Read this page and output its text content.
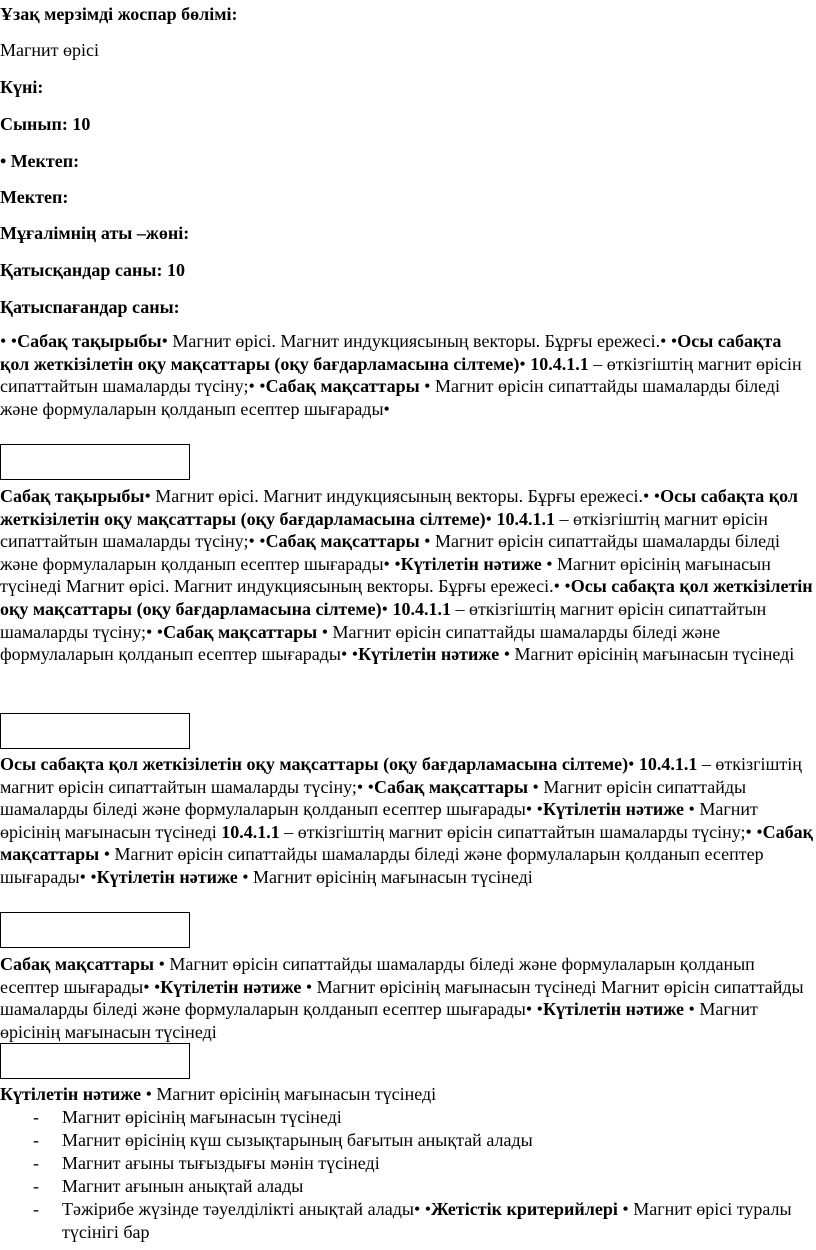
Ұзақ мерзімді жоспар бөлімі:
Магнит өрісі
Күні:
Сынып: 10
• Мектеп:
Мектеп:
Мұғалімнің аты –жөні:
Қатысқандар саны: 10
Қатыспағандар саны:
• •Сабақ тақырыбы• Магнит өрісі. Магнит индукциясының векторы. Бұрғы ережесі.• •Осы сабақта қол жеткізілетін оқу мақсаттары (оқу бағдарламасына сілтеме)• 10.4.1.1 – өткізгіштің магнит өрісін сипаттайтын шамаларды түсіну;• •Сабақ мақсаттары • Магнит өрісін сипаттайды шамаларды біледі және формулаларын қолданып есептер шығарады•
Сабақ тақырыбы• Магнит өрісі. Магнит индукциясының векторы. Бұрғы ережесі.• •Осы сабақта қол жеткізілетін оқу мақсаттары (оқу бағдарламасына сілтеме)• 10.4.1.1 – өткізгіштің магнит өрісін сипаттайтын шамаларды түсіну;• •Сабақ мақсаттары • Магнит өрісін сипаттайды шамаларды біледі және формулаларын қолданып есептер шығарады• •Күтілетін нәтиже • Магнит өрісінің мағынасын түсінеді Магнит өрісі. Магнит индукциясының векторы. Бұрғы ережесі.• •Осы сабақта қол жеткізілетін оқу мақсаттары (оқу бағдарламасына сілтеме)• 10.4.1.1 – өткізгіштің магнит өрісін сипаттайтын шамаларды түсіну;• •Сабақ мақсаттары • Магнит өрісін сипаттайды шамаларды біледі және формулаларын қолданып есептер шығарады• •Күтілетін нәтиже • Магнит өрісінің мағынасын түсінеді
Осы сабақта қол жеткізілетін оқу мақсаттары (оқу бағдарламасына сілтеме)• 10.4.1.1 – өткізгіштің магнит өрісін сипаттайтын шамаларды түсіну;• •Сабақ мақсаттары • Магнит өрісін сипаттайды шамаларды біледі және формулаларын қолданып есептер шығарады• •Күтілетін нәтиже • Магнит өрісінің мағынасын түсінеді 10.4.1.1 – өткізгіштің магнит өрісін сипаттайтын шамаларды түсіну;• •Сабақ мақсаттары • Магнит өрісін сипаттайды шамаларды біледі және формулаларын қолданып есептер шығарады• •Күтілетін нәтиже • Магнит өрісінің мағынасын түсінеді
Сабақ мақсаттары • Магнит өрісін сипаттайды шамаларды біледі және формулаларын қолданып есептер шығарады• •Күтілетін нәтиже • Магнит өрісінің мағынасын түсінеді Магнит өрісін сипаттайды шамаларды біледі және формулаларын қолданып есептер шығарады• •Күтілетін нәтиже • Магнит өрісінің мағынасын түсінеді
Күтілетін нәтиже • Магнит өрісінің мағынасын түсінеді
- Магнит өрісінің мағынасын түсінеді
- Магнит өрісінің күш сызықтарының бағытын анықтай алады
- Магнит ағыны тығыздығы мәнін түсінеді
- Магнит ағынын анықтай алады
- Тәжірибе жүзінде тәуелділікті анықтай алады• •Жетістік критерийлері • Магнит өрісі туралы түсінігі бар
